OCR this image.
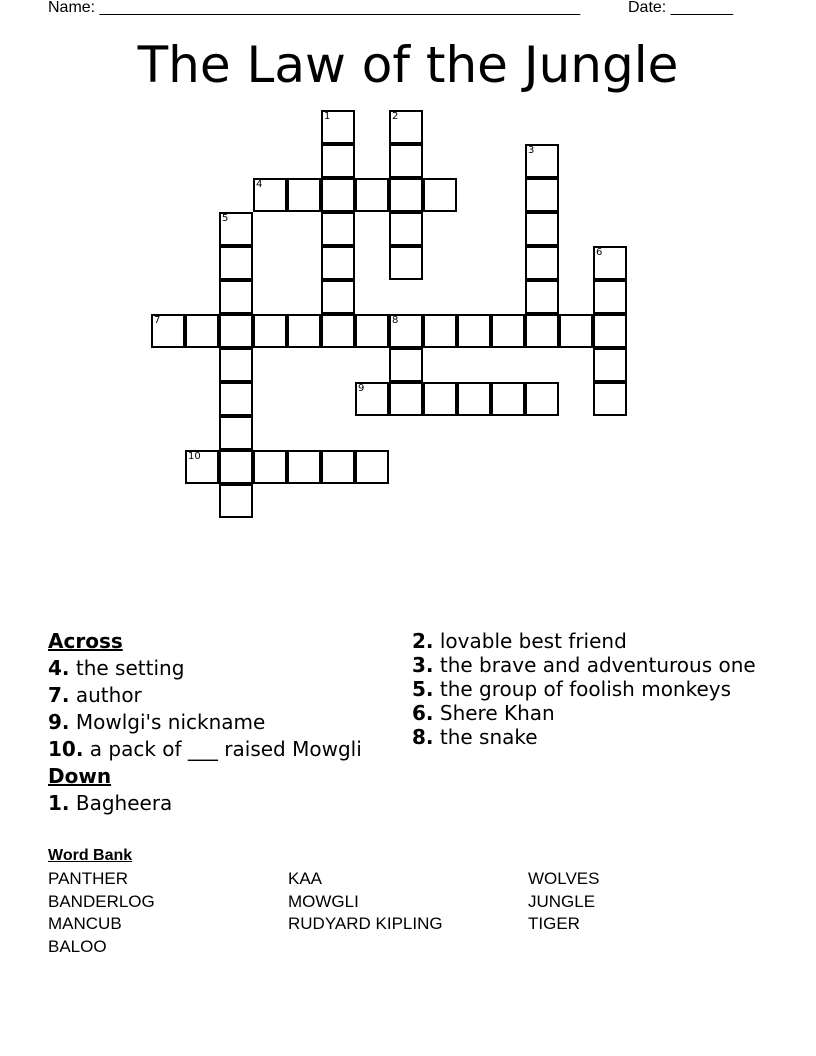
Name: ______________________________________________________	Date: _______
The Law of the Jungle
1	2
3
4
5
6
7	8
9
10
Across
4. the setting
7. author
9. Mowlgi's nickname
10. a pack of ___ raised Mowgli
Down
1. Bagheera
2. lovable best friend
3. the brave and adventurous one
5. the group of foolish monkeys
6. Shere Khan
8. the snake
Word Bank
PANTHER
BANDERLOG
MANCUB
BALOO
KAA
MOWGLI
RUDYARD KIPLING
WOLVES
JUNGLE
TIGER
